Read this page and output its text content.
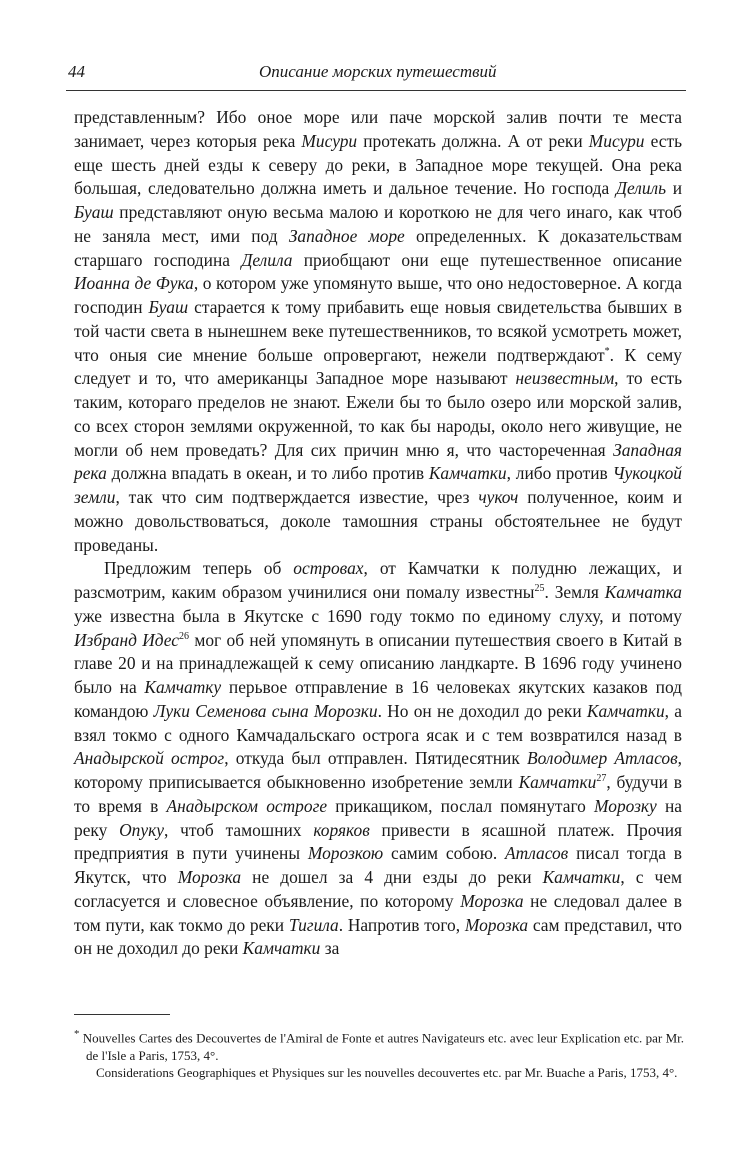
44	Описание морских путешествий

представленным? Ибо оное море или паче морской залив почти те места занимает, через которыя река Мисури протекать должна. А от реки Мисури есть еще шесть дней езды к северу до реки, в Западное море текущей. Она река большая, следовательно должна иметь и дальное течение. Но господа Делиль и Буаш представляют оную весьма малою и короткою не для чего инаго, как чтоб не заняла мест, ими под Западное море определенных. К доказательствам старшаго господина Делила приобщают они еще путешественное описание Иоанна де Фука, о котором уже упомянуто выше, что оно недостоверное. А когда господин Буаш старается к тому прибавить еще новыя свидетельства бывших в той части света в нынешнем веке путешественников, то всякой усмотреть может, что оныя сие мнение больше опровергают, нежели подтверждают*. К сему следует и то, что американцы Западное море называют неизвестным, то есть таким, котораго пределов не знают. Ежели бы то было озеро или морской залив, со всех сторон землями окруженной, то как бы народы, около него живущие, не могли об нем проведать? Для сих причин мню я, что частореченная Западная река должна впадать в океан, и то либо против Камчатки, либо против Чукоцкой земли, так что сим подтверждается известие, чрез чукоч полученное, коим и можно довольствоваться, доколе тамошния страны обстоятельнее не будут проведаны.

Предложим теперь об островах, от Камчатки к полудню лежащих, и разсмотрим, каким образом учинилися они помалу известны$^{25}$. Земля Камчатка уже известна была в Якутске с 1690 году токмо по единому слуху, и потому Избранд Идес$^{26}$ мог об ней упомянуть в описании путешествия своего в Китай в главе 20 и на принадлежащей к сему описанию ландкарте. В 1696 году учинено было на Камчатку перьвое отправление в 16 человеках якутских казаков под командою Луки Семенова сына Морозки. Но он не доходил до реки Камчатки, а взял токмо с одного Камчадальскаго острога ясак и с тем возвратился назад в Анадырской острог, откуда был отправлен. Пятидесятник Володимер Атласов, которому приписывается обыкновенно изобретение земли Камчатки$^{27}$, будучи в то время в Анадырском остроге прикащиком, послал помянутаго Морозку на реку Опуку, чтоб тамошних коряков привести в ясашной платеж. Прочия предприятия в пути учинены Морозкою самим собою. Атласов писал тогда в Якутск, что Морозка не дошел за 4 дни езды до реки Камчатки, с чем согласуется и словесное объявление, по которому Морозка не следовал далее в том пути, как токмо до реки Тигила. Напротив того, Морозка сам представил, что он не доходил до реки Камчатки за

* Nouvelles Cartes des Decouvertes de l'Amiral de Fonte et autres Navigateurs etc. avec leur Explication etc. par Mr. de l'Isle a Paris, 1753, 4°.

Considerations Geographiques et Physiques sur les nouvelles decouvertes etc. par Mr. Buache a Paris, 1753, 4°.
